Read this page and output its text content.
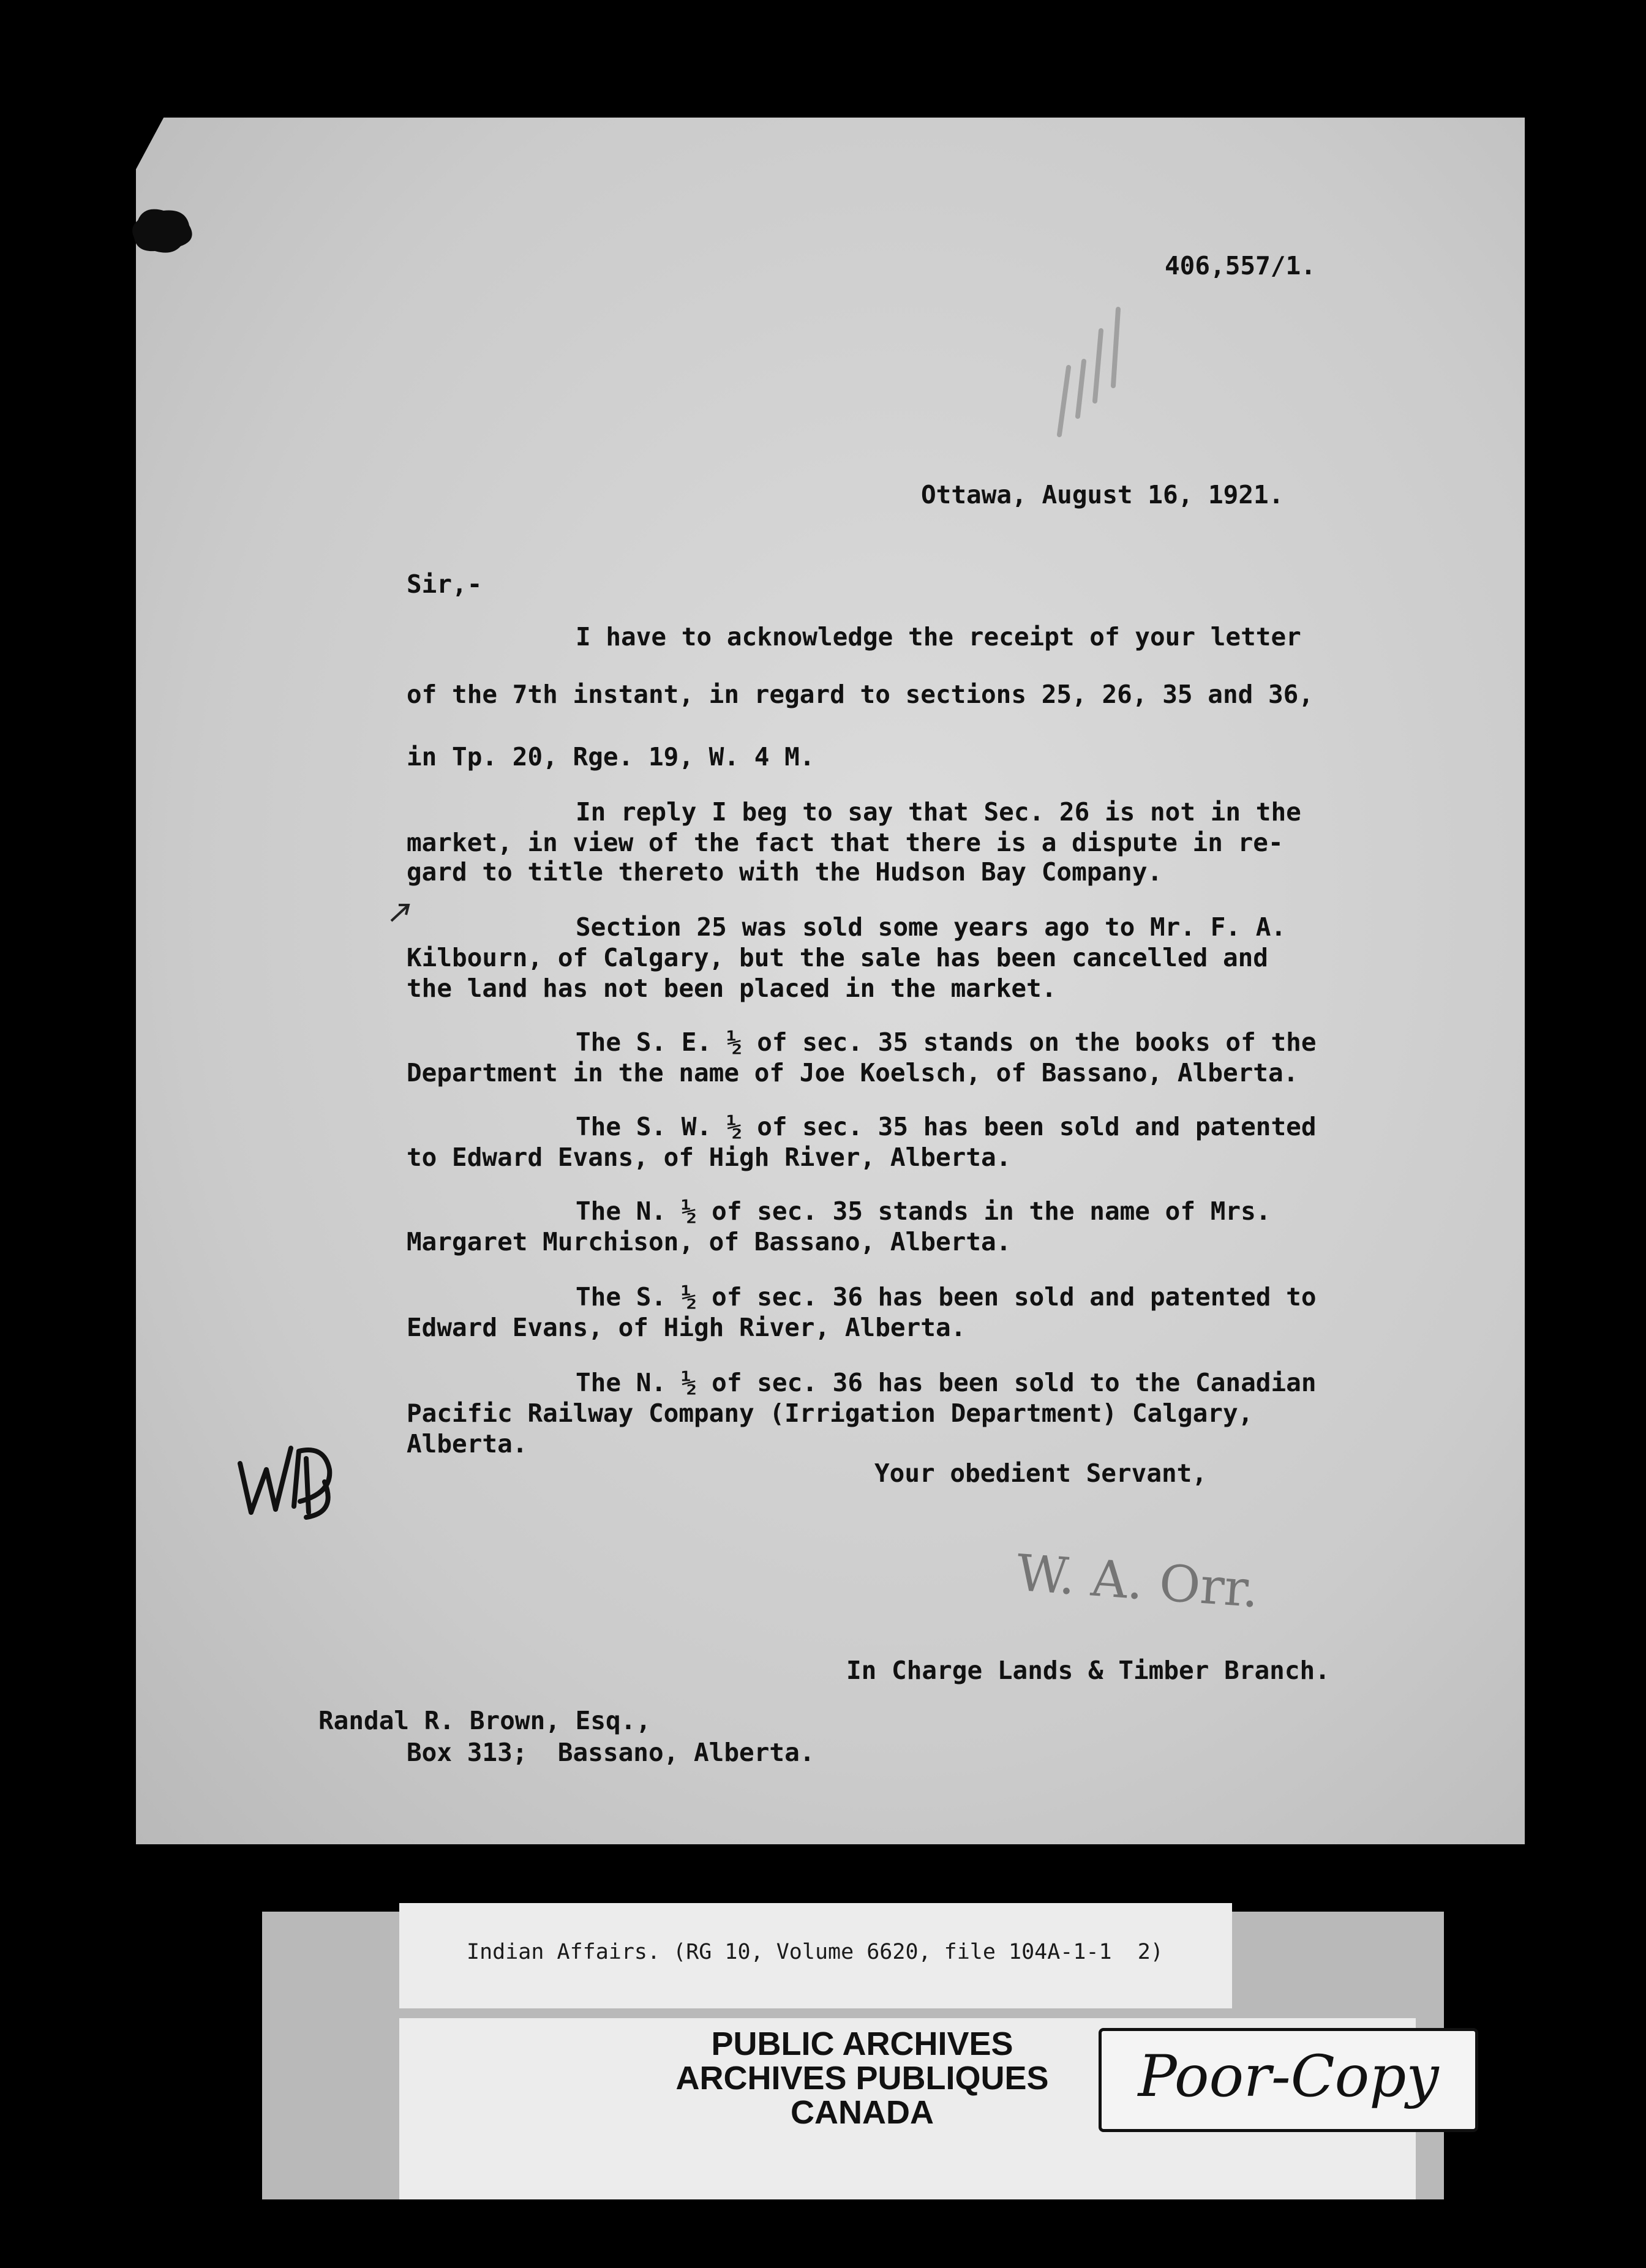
406,557/1.
Ottawa, August 16, 1921.
Sir,-
I have to acknowledge the receipt of your letter
of the 7th instant, in regard to sections 25, 26, 35 and 36,
in Tp. 20, Rge. 19, W. 4 M.
In reply I beg to say that Sec. 26 is not in the
market, in view of the fact that there is a dispute in re-
gard to title thereto with the Hudson Bay Company.
Section 25 was sold some years ago to Mr. F. A.
Kilbourn, of Calgary, but the sale has been cancelled and
the land has not been placed in the market.
The S. E. ½ of sec. 35 stands on the books of the
Department in the name of Joe Koelsch, of Bassano, Alberta.
The S. W. ½ of sec. 35 has been sold and patented
to Edward Evans, of High River, Alberta.
The N. ½ of sec. 35 stands in the name of Mrs.
Margaret Murchison, of Bassano, Alberta.
The S. ½ of sec. 36 has been sold and patented to
Edward Evans, of High River, Alberta.
The N. ½ of sec. 36 has been sold to the Canadian
Pacific Railway Company (Irrigation Department) Calgary,
Alberta.
Your obedient Servant,
W. A. Orr.
In Charge Lands & Timber Branch.
Randal R. Brown, Esq.,
Box 313;  Bassano, Alberta.
Indian Affairs. (RG 10, Volume 6620, file 104A-1-1  2)
PUBLIC ARCHIVES
ARCHIVES PUBLIQUES
CANADA
Poor-Copy
